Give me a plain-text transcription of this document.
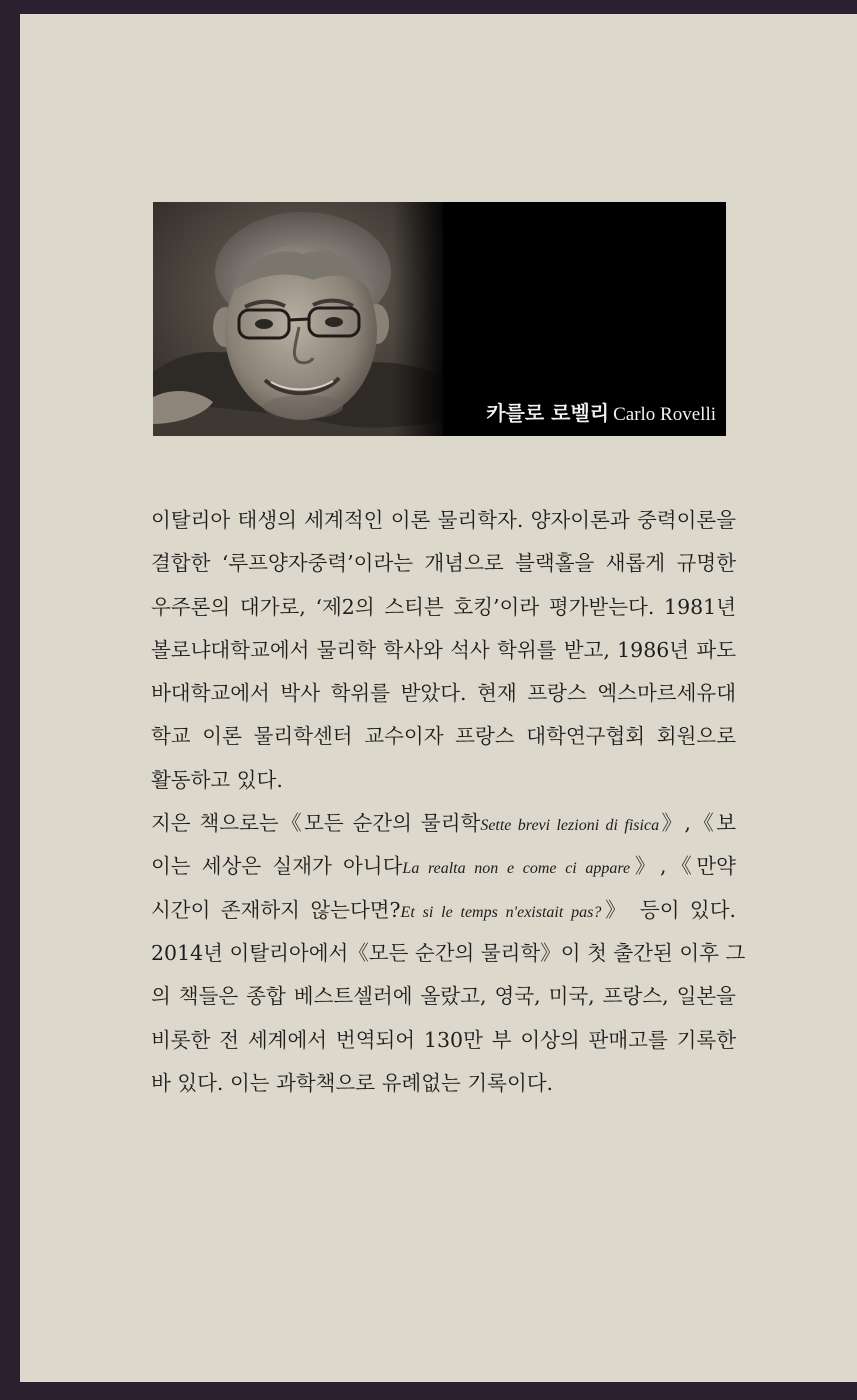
카를로 로벨리 Carlo Rovelli
이탈리아 태생의 세계적인 이론 물리학자. 양자이론과 중력이론을
결합한 ‘루프양자중력’이라는 개념으로 블랙홀을 새롭게 규명한
우주론의 대가로, ‘제2의 스티븐 호킹’이라 평가받는다. 1981년
볼로냐대학교에서 물리학 학사와 석사 학위를 받고, 1986년 파도
바대학교에서 박사 학위를 받았다. 현재 프랑스 엑스마르세유대
학교 이론 물리학센터 교수이자 프랑스 대학연구협회 회원으로
활동하고 있다.
지은 책으로는《모든 순간의 물리학Sette brevi lezioni di fisica》,《보
이는 세상은 실재가 아니다La realta non e come ci appare》,《만약
시간이 존재하지 않는다면?Et si le temps n'existait pas?》 등이 있다.
2014년 이탈리아에서《모든 순간의 물리학》이 첫 출간된 이후 그
의 책들은 종합 베스트셀러에 올랐고, 영국, 미국, 프랑스, 일본을
비롯한 전 세계에서 번역되어 130만 부 이상의 판매고를 기록한
바 있다. 이는 과학책으로 유례없는 기록이다.
